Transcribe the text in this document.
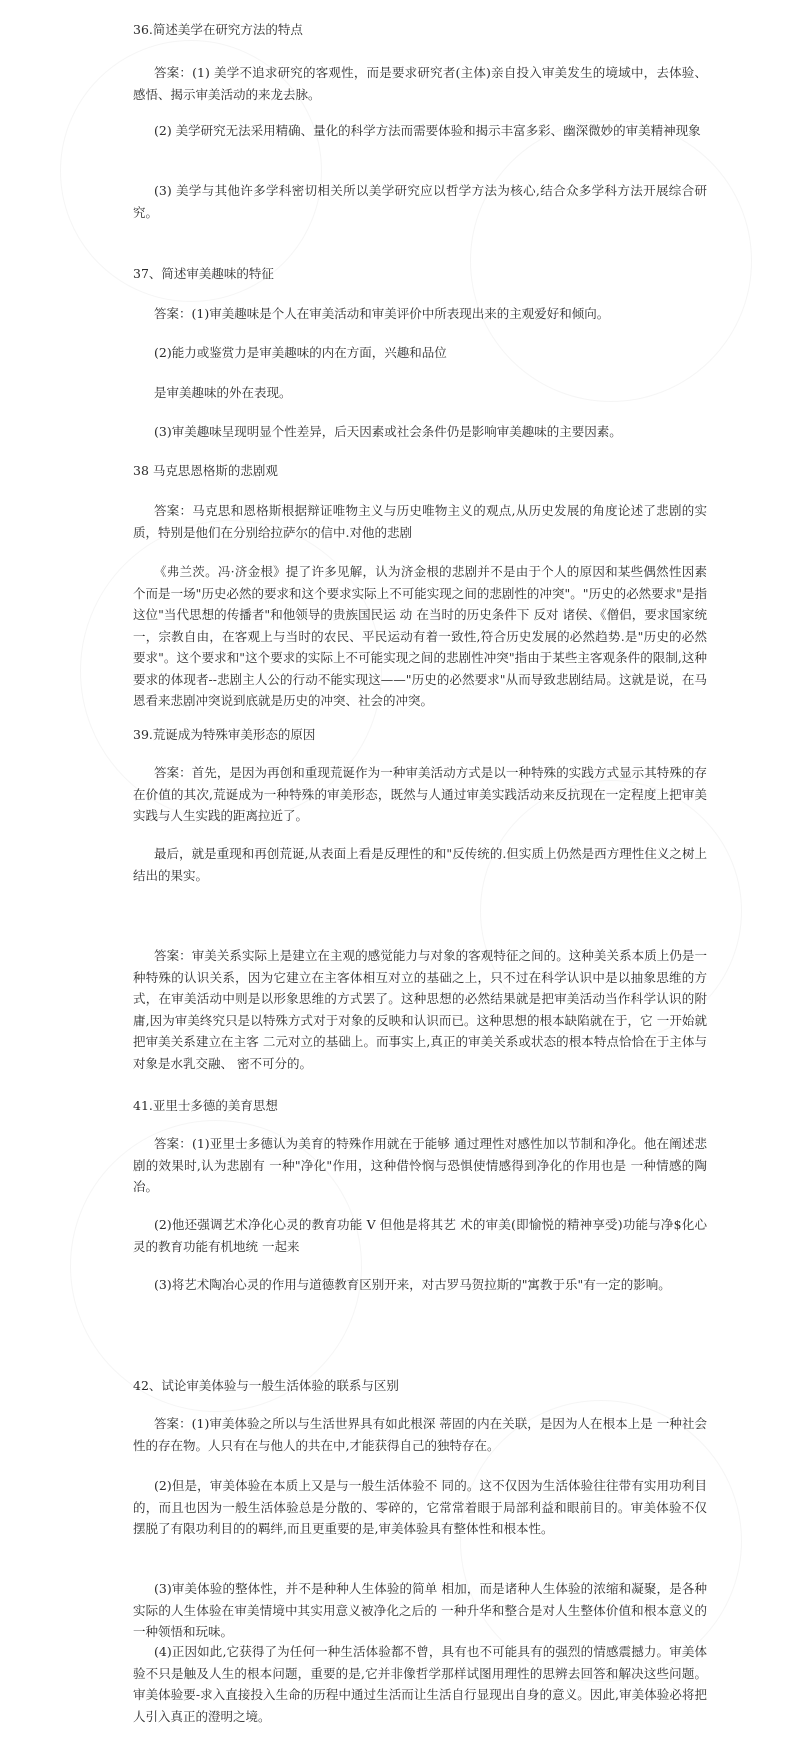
36.简述美学在研究方法的特点

答案：(1) 美学不追求研究的客观性，而是要求研究者(主体)亲自投入审美发生的境域中，去体验、感悟、揭示审美活动的来龙去脉。

(2) 美学研究无法采用精确、量化的科学方法而需要体验和揭示丰富多彩、幽深微妙的审美精神现象

(3) 美学与其他许多学科密切相关所以美学研究应以哲学方法为核心,结合众多学科方法开展综合研究。

37、简述审美趣味的特征

答案：(1)审美趣味是个人在审美活动和审美评价中所表现出来的主观爱好和倾向。

(2)能力或鉴赏力是审美趣味的内在方面，兴趣和品位

是审美趣味的外在表现。

(3)审美趣味呈现明显个性差异，后天因素或社会条件仍是影响审美趣味的主要因素。

38 马克思恩格斯的悲剧观

答案：马克思和恩格斯根据辩证唯物主义与历史唯物主义的观点,从历史发展的角度论述了悲剧的实质，特别是他们在分别给拉萨尔的信中.对他的悲剧

《弗兰茨。冯·济金根》提了许多见解，认为济金根的悲剧并不是由于个人的原因和某些偶然性因素个而是一场"历史必然的要求和这个要求实际上不可能实现之间的悲剧性的冲突"。"历史的必然要求"是指这位"当代思想的传播者"和他领导的贵族国民运 动 在当时的历史条件下 反对 诸侯、《僧侣，要求国家统一，宗教自由，在客观上与当时的农民、平民运动有着一致性,符合历史发展的必然趋势.是"历史的必然要求"。这个要求和"这个要求的实际上不可能实现之间的悲剧性冲突"指由于某些主客观条件的限制,这种要求的体现者--悲剧主人公的行动不能实现这——"历史的必然要求"从而导致悲剧结局。这就是说，在马恩看来悲剧冲突说到底就是历史的冲突、社会的冲突。

39.荒诞成为特殊审美形态的原因

答案：首先，是因为再创和重现荒诞作为一种审美活动方式是以一种特殊的实践方式显示其特殊的存在价值的其次,荒诞成为一种特殊的审美形态，既然与人通过审美实践活动来反抗现在一定程度上把审美实践与人生实践的距离拉近了。

最后，就是重现和再创荒诞,从表面上看是反理性的和"反传统的.但实质上仍然是西方理性住义之树上结出的果实。

答案：审美关系实际上是建立在主观的感觉能力与对象的客观特征之间的。这种美关系本质上仍是一种特殊的认识关系，因为它建立在主客体相互对立的基础之上，只不过在科学认识中是以抽象思维的方式，在审美活动中则是以形象思维的方式罢了。这种思想的必然结果就是把审美活动当作科学认识的附庸,因为审美终究只是以特殊方式对于对象的反映和认识而已。这种思想的根本缺陷就在于，它 一开始就把审美关系建立在主客 二元对立的基础上。而事实上,真正的审美关系或状态的根本特点恰恰在于主体与对象是水乳交融、 密不可分的。

41.亚里士多德的美育思想

答案：(1)亚里士多德认为美育的特殊作用就在于能够 通过理性对感性加以节制和净化。他在阐述悲剧的效果时,认为悲剧有 一种"净化"作用，这种借怜悯与恐惧使情感得到净化的作用也是 一种情感的陶冶。

(2)他还强调艺术净化心灵的教育功能 V 但他是将其艺 术的审美(即愉悦的精神享受)功能与净$化心灵的教育功能有机地统 一起来

(3)将艺术陶冶心灵的作用与道德教育区别开来，对古罗马贺拉斯的"寓教于乐"有一定的影响。

42、试论审美体验与一般生活体验的联系与区别

答案：(1)审美体验之所以与生活世界具有如此根深 蒂固的内在关联，是因为人在根本上是 一种社会性的存在物。人只有在与他人的共在中,才能获得自己的独特存在。

(2)但是，审美体验在本质上又是与一般生活体验不 同的。这不仅因为生活体验往往带有实用功利目的，而且也因为一般生活体验总是分散的、零碎的，它常常着眼于局部利益和眼前目的。审美体验不仅摆脱了有限功利目的的羁绊,而且更重要的是,审美体验具有整体性和根本性。

(3)审美体验的整体性，并不是种种人生体验的简单 相加，而是诸种人生体验的浓缩和凝聚，是各种实际的人生体验在审美情境中其实用意义被净化之后的 一种升华和整合是对人生整体价值和根本意义的 一种领悟和玩味。

(4)正因如此,它获得了为任何一种生活体验都不曾，具有也不可能具有的强烈的情感震撼力。审美体验不只是触及人生的根本问题，重要的是,它并非像哲学那样试图用理性的思辨去回答和解决这些问题。审美体验要-求入直接投入生命的历程中通过生活而让生活自行显现出自身的意义。因此,审美体验必将把人引入真正的澄明之境。
